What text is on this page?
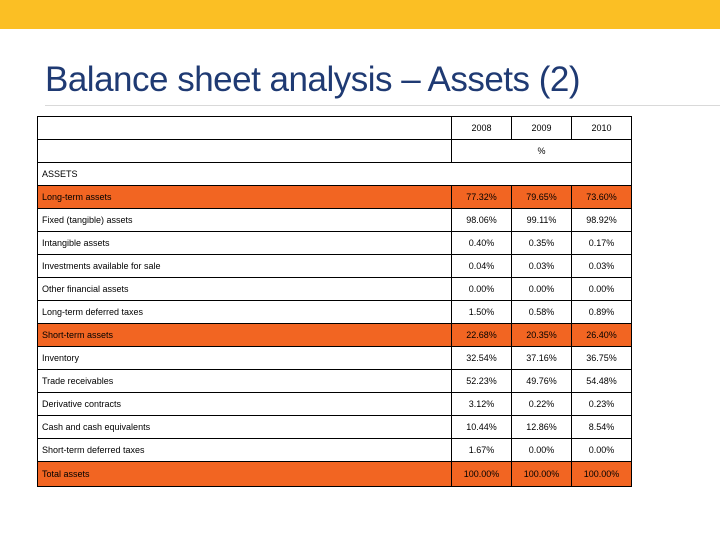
Balance sheet analysis – Assets (2)
	2008	2009	2010
	%		
ASSETS			
Long-term assets	77.32%	79.65%	73.60%
Fixed (tangible) assets	98.06%	99.11%	98.92%
Intangible assets	0.40%	0.35%	0.17%
Investments available for sale	0.04%	0.03%	0.03%
Other financial assets	0.00%	0.00%	0.00%
Long-term deferred taxes	1.50%	0.58%	0.89%
Short-term assets	22.68%	20.35%	26.40%
Inventory	32.54%	37.16%	36.75%
Trade receivables	52.23%	49.76%	54.48%
Derivative contracts	3.12%	0.22%	0.23%
Cash and cash equivalents	10.44%	12.86%	8.54%
Short-term deferred taxes	1.67%	0.00%	0.00%
Total assets	100.00%	100.00%	100.00%
